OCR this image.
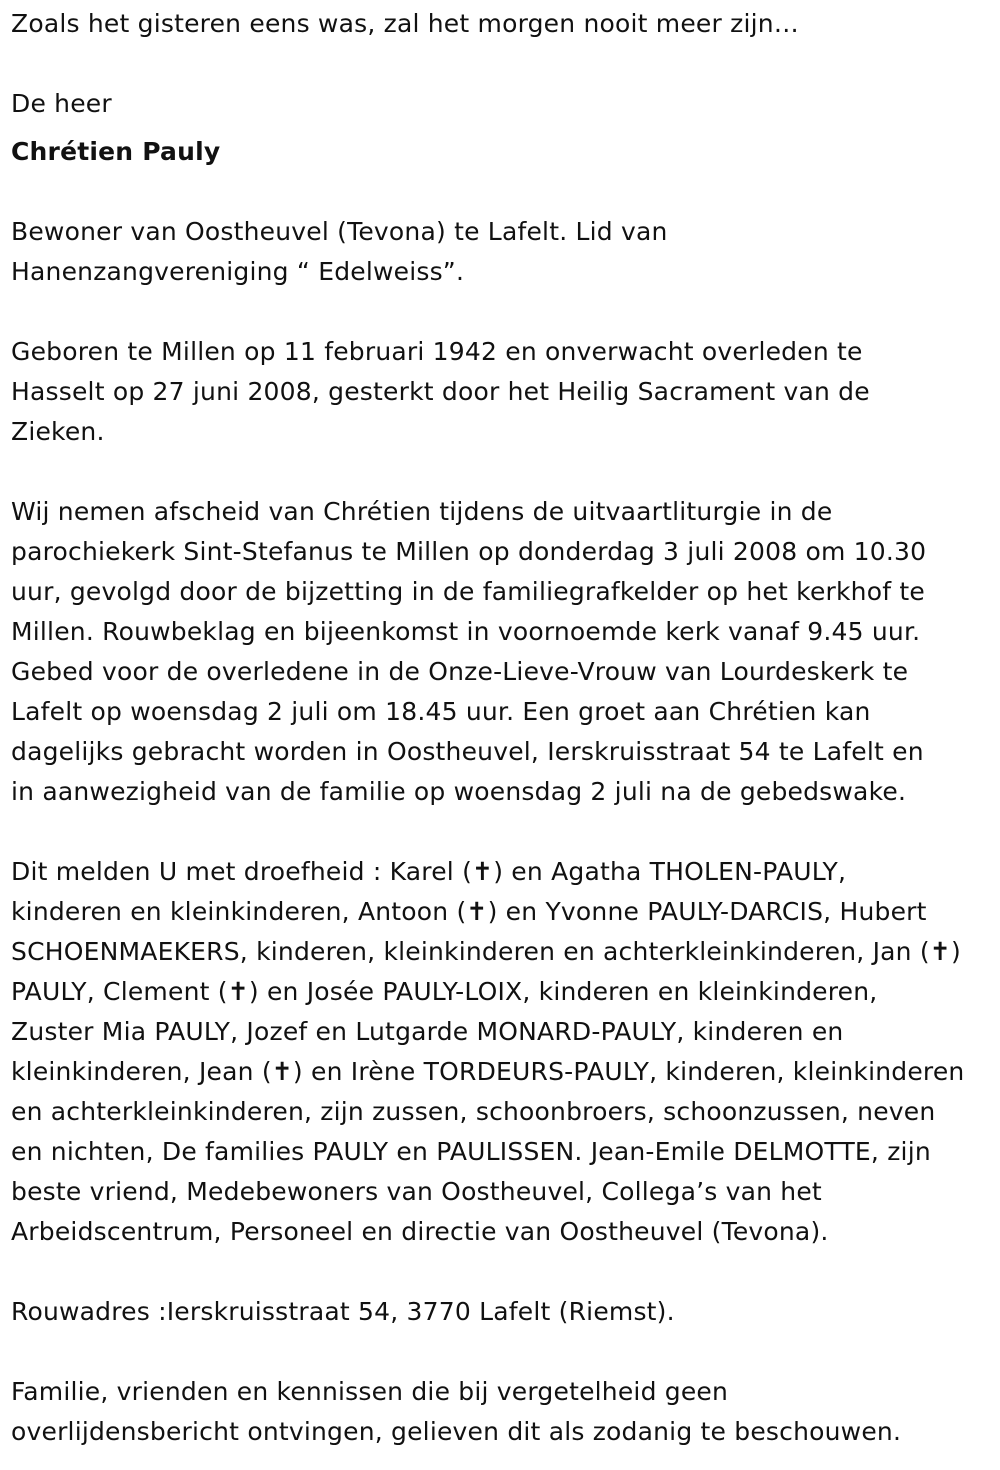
Zoals het gisteren eens was, zal het morgen nooit meer zijn…

De heer

Chrétien Pauly

Bewoner van Oostheuvel (Tevona) te Lafelt. Lid van
Hanenzangvereniging “ Edelweiss”.

Geboren te Millen op 11 februari 1942 en onverwacht overleden te
Hasselt op 27 juni 2008, gesterkt door het Heilig Sacrament van de
Zieken.

Wij nemen afscheid van Chrétien tijdens de uitvaartliturgie in de
parochiekerk Sint-Stefanus te Millen op donderdag 3 juli 2008 om 10.30
uur, gevolgd door de bijzetting in de familiegrafkelder op het kerkhof te
Millen. Rouwbeklag en bijeenkomst in voornoemde kerk vanaf 9.45 uur.
Gebed voor de overledene in de Onze-Lieve-Vrouw van Lourdeskerk te
Lafelt op woensdag 2 juli om 18.45 uur. Een groet aan Chrétien kan
dagelijks gebracht worden in Oostheuvel, Ierskruisstraat 54 te Lafelt en
in aanwezigheid van de familie op woensdag 2 juli na de gebedswake.

Dit melden U met droefheid : Karel (✝) en Agatha THOLEN-PAULY,
kinderen en kleinkinderen, Antoon (✝) en Yvonne PAULY-DARCIS, Hubert
SCHOENMAEKERS, kinderen, kleinkinderen en achterkleinkinderen, Jan (✝)
PAULY, Clement (✝) en Josée PAULY-LOIX, kinderen en kleinkinderen,
Zuster Mia PAULY, Jozef en Lutgarde MONARD-PAULY, kinderen en
kleinkinderen, Jean (✝) en Irène TORDEURS-PAULY, kinderen, kleinkinderen
en achterkleinkinderen, zijn zussen, schoonbroers, schoonzussen, neven
en nichten, De families PAULY en PAULISSEN. Jean-Emile DELMOTTE, zijn
beste vriend, Medebewoners van Oostheuvel, Collega’s van het
Arbeidscentrum, Personeel en directie van Oostheuvel (Tevona).

Rouwadres :Ierskruisstraat 54, 3770 Lafelt (Riemst).

Familie, vrienden en kennissen die bij vergetelheid geen
overlijdensbericht ontvingen, gelieven dit als zodanig te beschouwen.
